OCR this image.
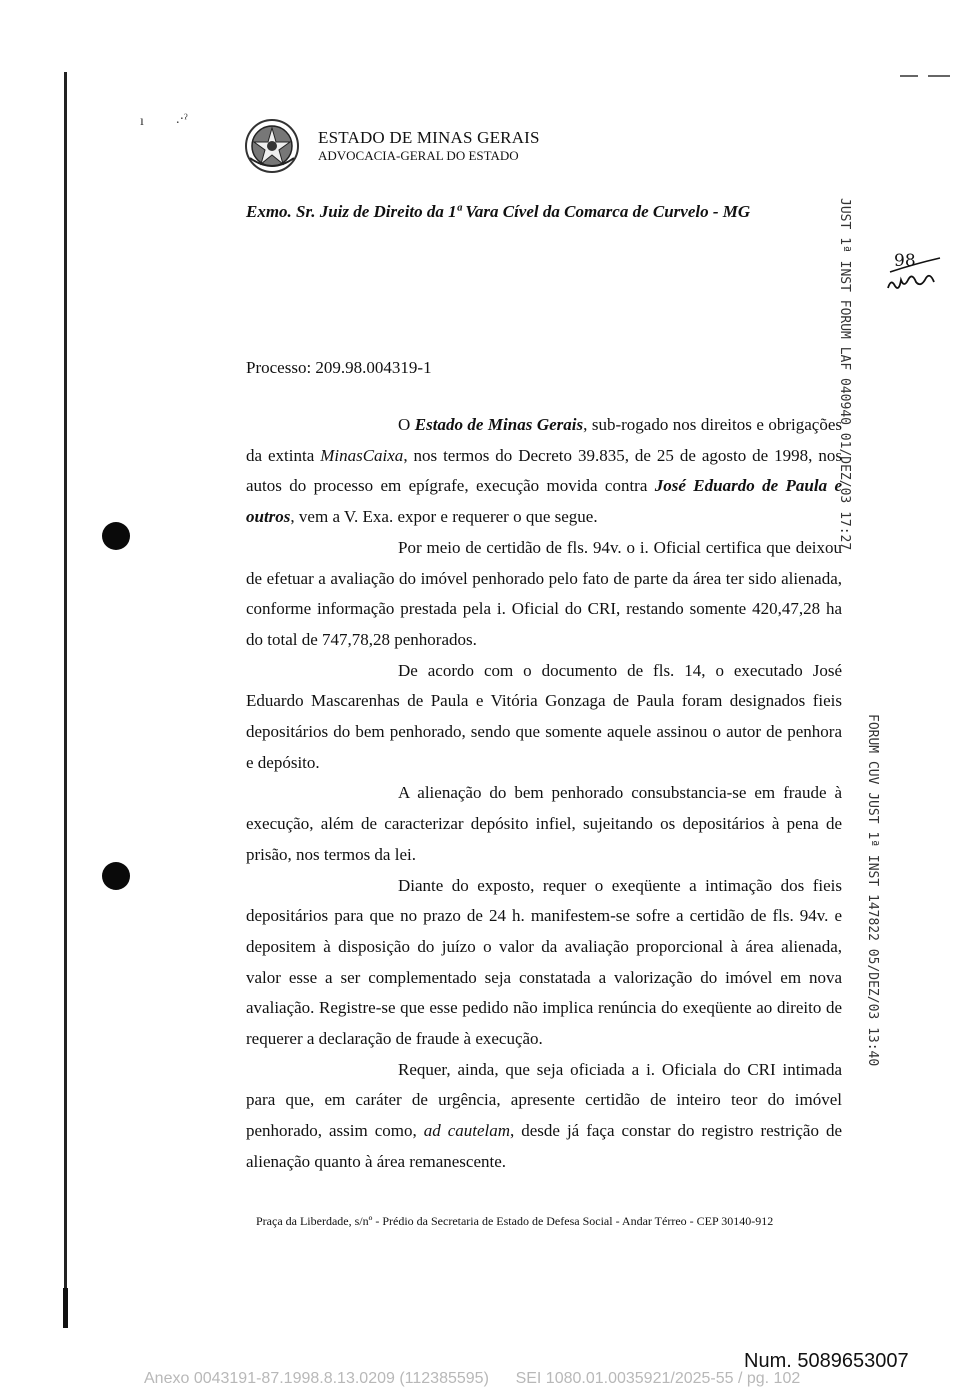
ı .·ˀ
ESTADO DE MINAS GERAIS
ADVOCACIA-GERAL DO ESTADO
Exmo. Sr. Juiz de Direito da 1ª Vara Cível da Comarca de Curvelo - MG
Processo: 209.98.004319-1

O Estado de Minas Gerais, sub-rogado nos direitos e obrigações da extinta MinasCaixa, nos termos do Decreto 39.835, de 25 de agosto de 1998, nos autos do processo em epígrafe, execução movida contra José Eduardo de Paula e outros, vem a V. Exa. expor e requerer o que segue.

Por meio de certidão de fls. 94v. o i. Oficial certifica que deixou de efetuar a avaliação do imóvel penhorado pelo fato de parte da área ter sido alienada, conforme informação prestada pela i. Oficial do CRI, restando somente 420,47,28 ha do total de 747,78,28 penhorados.

De acordo com o documento de fls. 14, o executado José Eduardo Mascarenhas de Paula e Vitória Gonzaga de Paula foram designados fieis depositários do bem penhorado, sendo que somente aquele assinou o autor de penhora e depósito.

A alienação do bem penhorado consubstancia-se em fraude à execução, além de caracterizar depósito infiel, sujeitando os depositários à pena de prisão, nos termos da lei.

Diante do exposto, requer o exeqüente a intimação dos fieis depositários para que no prazo de 24 h. manifestem-se sofre a certidão de fls. 94v. e depositem à disposição do juízo o valor da avaliação proporcional à área alienada, valor esse a ser complementado seja constatada a valorização do imóvel em nova avaliação. Registre-se que esse pedido não implica renúncia do exeqüente ao direito de requerer a declaração de fraude à execução.

Requer, ainda, que seja oficiada a i. Oficiala do CRI intimada para que, em caráter de urgência, apresente certidão de inteiro teor do imóvel penhorado, assim como, ad cautelam, desde já faça constar do registro restrição de alienação quanto à área remanescente.

Praça da Liberdade, s/nº - Prédio da Secretaria de Estado de Defesa Social - Andar Térreo - CEP 30140-912
JUST 1ª INST FORUM LAF 040940 01/DEZ/03 17:27
FORUM CUV JUST 1ª INST 147822 05/DEZ/03 13:40
98
Num. 5089653007
Anexo 0043191-87.1998.8.13.0209 (112385595) SEI 1080.01.0035921/2025-55 / pg. 102
